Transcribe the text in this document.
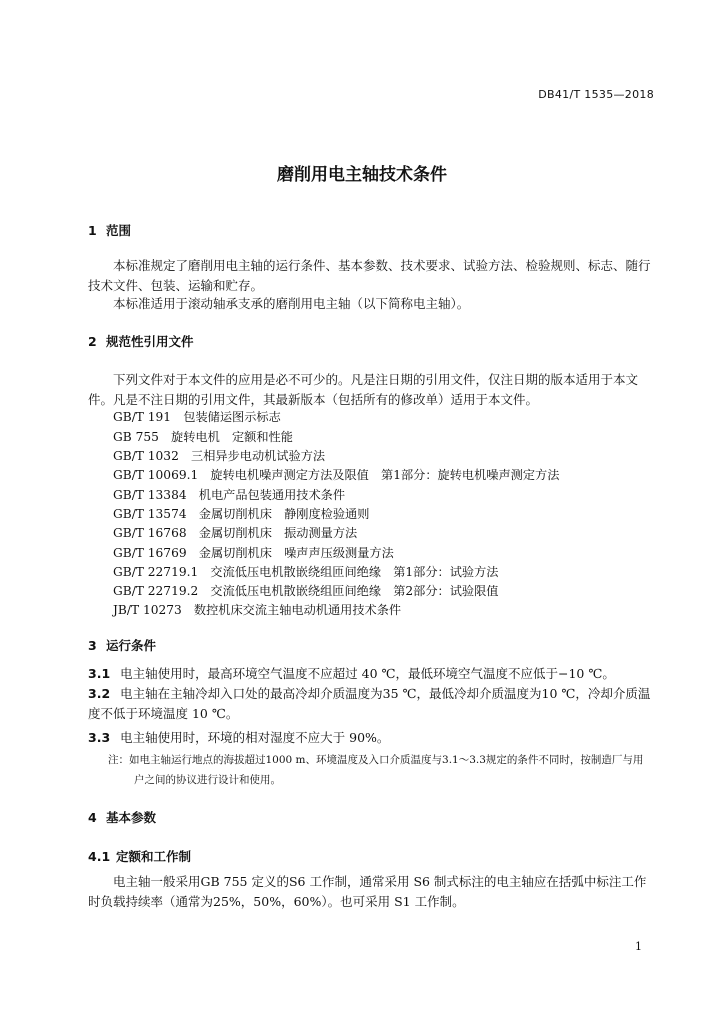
DB41/T 1535—2018
磨削用电主轴技术条件
1 范围
本标准规定了磨削用电主轴的运行条件、基本参数、技术要求、试验方法、检验规则、标志、随行技术文件、包装、运输和贮存。
本标准适用于滚动轴承支承的磨削用电主轴（以下简称电主轴）。
2 规范性引用文件
下列文件对于本文件的应用是必不可少的。凡是注日期的引用文件，仅注日期的版本适用于本文件。凡是不注日期的引用文件，其最新版本（包括所有的修改单）适用于本文件。
GB/T 191　包装储运图示标志
GB 755　旋转电机　定额和性能
GB/T 1032　三相异步电动机试验方法
GB/T 10069.1　旋转电机噪声测定方法及限值　第1部分：旋转电机噪声测定方法
GB/T 13384　机电产品包装通用技术条件
GB/T 13574　金属切削机床　静刚度检验通则
GB/T 16768　金属切削机床　振动测量方法
GB/T 16769　金属切削机床　噪声声压级测量方法
GB/T 22719.1　交流低压电机散嵌绕组匝间绝缘　第1部分：试验方法
GB/T 22719.2　交流低压电机散嵌绕组匝间绝缘　第2部分：试验限值
JB/T 10273　数控机床交流主轴电动机通用技术条件
3 运行条件
3.1 电主轴使用时，最高环境空气温度不应超过 40 ℃，最低环境空气温度不应低于−10 ℃。
3.2 电主轴在主轴冷却入口处的最高冷却介质温度为35 ℃，最低冷却介质温度为10 ℃，冷却介质温度不低于环境温度 10 ℃。
3.3 电主轴使用时，环境的相对湿度不应大于 90%。
注：如电主轴运行地点的海拔超过1000 m、环境温度及入口介质温度与3.1～3.3规定的条件不同时，按制造厂与用
户之间的协议进行设计和使用。
4 基本参数
4.1 定额和工作制
电主轴一般采用GB 755 定义的S6 工作制，通常采用 S6 制式标注的电主轴应在括弧中标注工作时负载持续率（通常为25%，50%，60%）。也可采用 S1 工作制。
1
